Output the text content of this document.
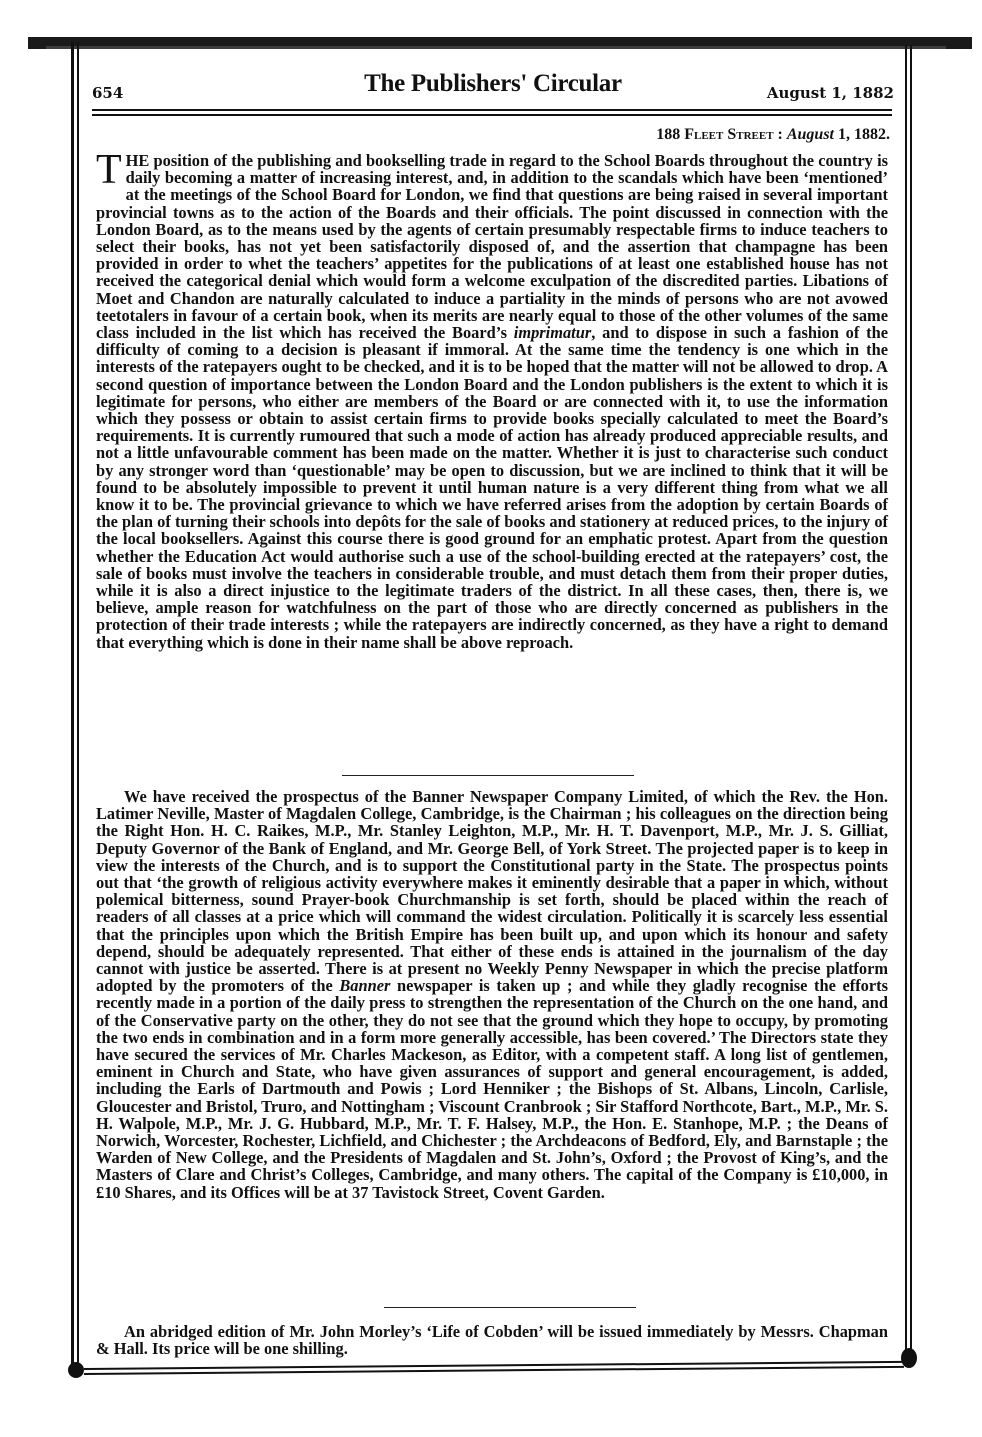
654	The Publishers' Circular	August 1, 1882
188 Fleet Street : August 1, 1882.
THE position of the publishing and bookselling trade in regard to the School Boards throughout the country is daily becoming a matter of increasing interest, and, in addition to the scandals which have been ‘mentioned’ at the meetings of the School Board for London, we find that questions are being raised in several important provincial towns as to the action of the Boards and their officials. The point discussed in connection with the London Board, as to the means used by the agents of certain presumably respectable firms to induce teachers to select their books, has not yet been satisfactorily disposed of, and the assertion that champagne has been provided in order to whet the teachers’ appetites for the publications of at least one established house has not received the categorical denial which would form a welcome exculpation of the discredited parties. Libations of Moet and Chandon are naturally calculated to induce a partiality in the minds of persons who are not avowed teetotalers in favour of a certain book, when its merits are nearly equal to those of the other volumes of the same class included in the list which has received the Board’s imprimatur, and to dispose in such a fashion of the difficulty of coming to a decision is pleasant if immoral. At the same time the tendency is one which in the interests of the ratepayers ought to be checked, and it is to be hoped that the matter will not be allowed to drop. A second question of importance between the London Board and the London publishers is the extent to which it is legitimate for persons, who either are members of the Board or are connected with it, to use the information which they possess or obtain to assist certain firms to provide books specially calculated to meet the Board’s requirements. It is currently rumoured that such a mode of action has already produced appreciable results, and not a little unfavourable comment has been made on the matter. Whether it is just to characterise such conduct by any stronger word than ‘questionable’ may be open to discussion, but we are inclined to think that it will be found to be absolutely impossible to prevent it until human nature is a very different thing from what we all know it to be. The provincial grievance to which we have referred arises from the adoption by certain Boards of the plan of turning their schools into depôts for the sale of books and stationery at reduced prices, to the injury of the local booksellers. Against this course there is good ground for an emphatic protest. Apart from the question whether the Education Act would authorise such a use of the school-building erected at the ratepayers’ cost, the sale of books must involve the teachers in considerable trouble, and must detach them from their proper duties, while it is also a direct injustice to the legitimate traders of the district. In all these cases, then, there is, we believe, ample reason for watchfulness on the part of those who are directly concerned as publishers in the protection of their trade interests ; while the ratepayers are indirectly concerned, as they have a right to demand that everything which is done in their name shall be above reproach.
We have received the prospectus of the Banner Newspaper Company Limited, of which the Rev. the Hon. Latimer Neville, Master of Magdalen College, Cambridge, is the Chairman ; his colleagues on the direction being the Right Hon. H. C. Raikes, M.P., Mr. Stanley Leighton, M.P., Mr. H. T. Davenport, M.P., Mr. J. S. Gilliat, Deputy Governor of the Bank of England, and Mr. George Bell, of York Street. The projected paper is to keep in view the interests of the Church, and is to support the Constitutional party in the State. The prospectus points out that ‘the growth of religious activity everywhere makes it eminently desirable that a paper in which, without polemical bitterness, sound Prayer-book Churchmanship is set forth, should be placed within the reach of readers of all classes at a price which will command the widest circulation. Politically it is scarcely less essential that the principles upon which the British Empire has been built up, and upon which its honour and safety depend, should be adequately represented. That either of these ends is attained in the journalism of the day cannot with justice be asserted. There is at present no Weekly Penny Newspaper in which the precise platform adopted by the promoters of the Banner newspaper is taken up ; and while they gladly recognise the efforts recently made in a portion of the daily press to strengthen the representation of the Church on the one hand, and of the Conservative party on the other, they do not see that the ground which they hope to occupy, by promoting the two ends in combination and in a form more generally accessible, has been covered.’ The Directors state they have secured the services of Mr. Charles Mackeson, as Editor, with a competent staff. A long list of gentlemen, eminent in Church and State, who have given assurances of support and general encouragement, is added, including the Earls of Dartmouth and Powis ; Lord Henniker ; the Bishops of St. Albans, Lincoln, Carlisle, Gloucester and Bristol, Truro, and Nottingham ; Viscount Cranbrook ; Sir Stafford Northcote, Bart., M.P., Mr. S. H. Walpole, M.P., Mr. J. G. Hubbard, M.P., Mr. T. F. Halsey, M.P., the Hon. E. Stanhope, M.P. ; the Deans of Norwich, Worcester, Rochester, Lichfield, and Chichester ; the Archdeacons of Bedford, Ely, and Barnstaple ; the Warden of New College, and the Presidents of Magdalen and St. John’s, Oxford ; the Provost of King’s, and the Masters of Clare and Christ’s Colleges, Cambridge, and many others. The capital of the Company is £10,000, in £10 Shares, and its Offices will be at 37 Tavistock Street, Covent Garden.
An abridged edition of Mr. John Morley’s ‘Life of Cobden’ will be issued immediately by Messrs. Chapman & Hall. Its price will be one shilling.
